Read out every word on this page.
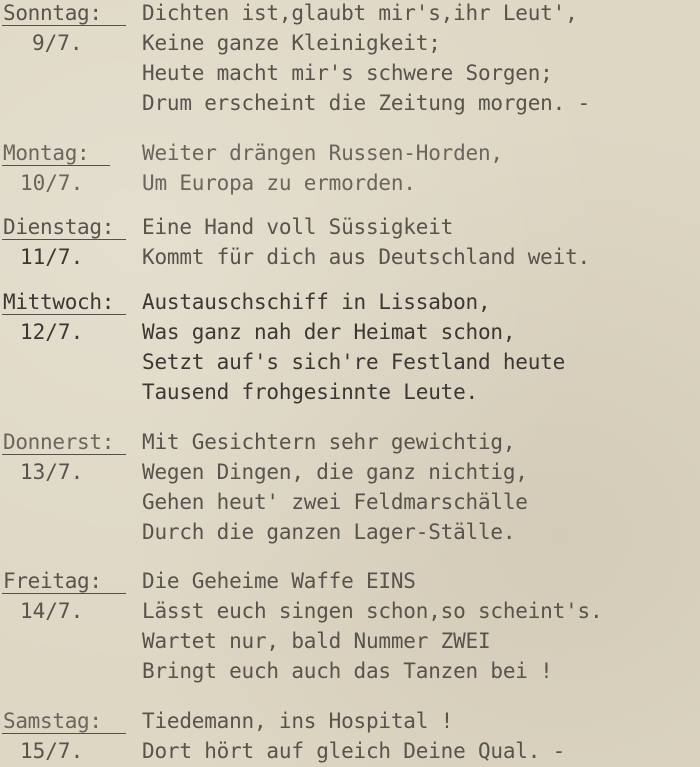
Sonntag:
9/7.
Dichten ist,glaubt mir's,ihr Leut',
Keine ganze Kleinigkeit;
Heute macht mir's schwere Sorgen;
Drum erscheint die Zeitung morgen. -
Montag:
10/7.
Weiter drängen Russen-Horden,
Um Europa zu ermorden.
Dienstag:
11/7.
Eine Hand voll Süssigkeit
Kommt für dich aus Deutschland weit.
Mittwoch:
12/7.
Austauschschiff in Lissabon,
Was ganz nah der Heimat schon,
Setzt auf's sich're Festland heute
Tausend frohgesinnte Leute.
Donnerst:
13/7.
Mit Gesichtern sehr gewichtig,
Wegen Dingen, die ganz nichtig,
Gehen heut' zwei Feldmarschälle
Durch die ganzen Lager-Ställe.
Freitag:
14/7.
Die Geheime Waffe EINS
Lässt euch singen schon,so scheint's.
Wartet nur, bald Nummer ZWEI
Bringt euch auch das Tanzen bei !
Samstag:
15/7.
Tiedemann, ins Hospital !
Dort hört auf gleich Deine Qual. -
